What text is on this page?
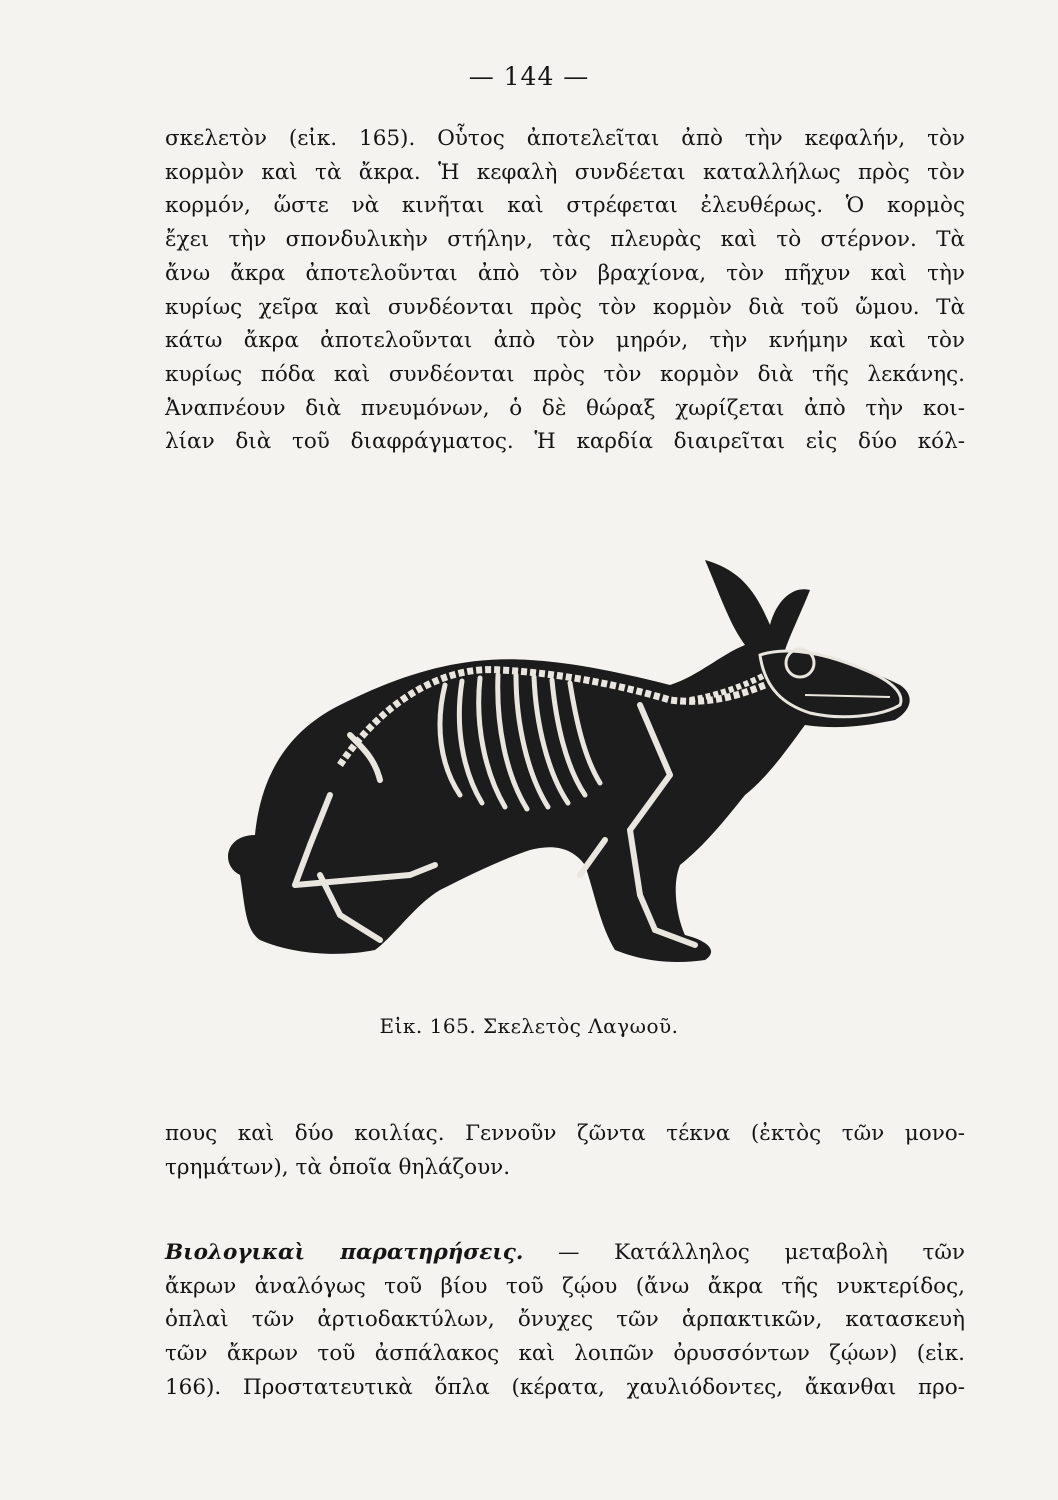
— 144 —

σκελετὸν (εἰκ. 165). Οὗτος ἀποτελεῖται ἀπὸ τὴν κεφαλήν, τὸν
κορμὸν καὶ τὰ ἄκρα. Ἡ κεφαλὴ συνδέεται καταλλήλως πρὸς τὸν
κορμόν, ὥστε νὰ κινῆται καὶ στρέφεται ἐλευθέρως. Ὁ κορμὸς
ἔχει τὴν σπονδυλικὴν στήλην, τὰς πλευρὰς καὶ τὸ στέρνον. Τὰ
ἄνω ἄκρα ἀποτελοῦνται ἀπὸ τὸν βραχίονα, τὸν πῆχυν καὶ τὴν
κυρίως χεῖρα καὶ συνδέονται πρὸς τὸν κορμὸν διὰ τοῦ ὤμου. Τὰ
κάτω ἄκρα ἀποτελοῦνται ἀπὸ τὸν μηρόν, τὴν κνήμην καὶ τὸν
κυρίως πόδα καὶ συνδέονται πρὸς τὸν κορμὸν διὰ τῆς λεκάνης.
Ἀναπνέουν διὰ πνευμόνων, ὁ δὲ θώραξ χωρίζεται ἀπὸ τὴν κοι-
λίαν διὰ τοῦ διαφράγματος. Ἡ καρδία διαιρεῖται εἰς δύο κόλ-

Εἰκ. 165. Σκελετὸς Λαγωοῦ.

πους καὶ δύο κοιλίας. Γεννοῦν ζῶντα τέκνα (ἐκτὸς τῶν μονο-
τρημάτων), τὰ ὁποῖα θηλάζουν.

Βιολογικαὶ παρατηρήσεις. — Κατάλληλος μεταβολὴ τῶν
ἄκρων ἀναλόγως τοῦ βίου τοῦ ζῴου (ἄνω ἄκρα τῆς νυκτερίδος,
ὁπλαὶ τῶν ἀρτιοδακτύλων, ὄνυχες τῶν ἁρπακτικῶν, κατασκευὴ
τῶν ἄκρων τοῦ ἀσπάλακος καὶ λοιπῶν ὀρυσσόντων ζῴων) (εἰκ.
166). Προστατευτικὰ ὅπλα (κέρατα, χαυλιόδοντες, ἄκανθαι προ-
